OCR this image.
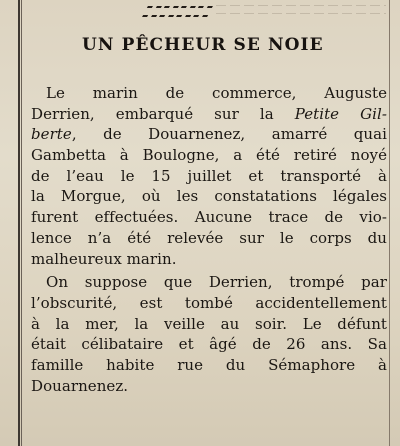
UN PÊCHEUR SE NOIE
Le marin de commerce, Auguste
Derrien, embarqué sur la Petite Gil-
berte, de Douarnenez, amarré quai
Gambetta à Boulogne, a été retiré noyé
de l’eau le 15 juillet et transporté à
la Morgue, où les constatations légales
furent effectuées. Aucune trace de vio-
lence n’a été relevée sur le corps du
malheureux marin.
On suppose que Derrien, trompé par
l’obscurité, est tombé accidentellement
à la mer, la veille au soir. Le défunt
était célibataire et âgé de 26 ans. Sa
famille habite rue du Sémaphore à
Douarnenez.
